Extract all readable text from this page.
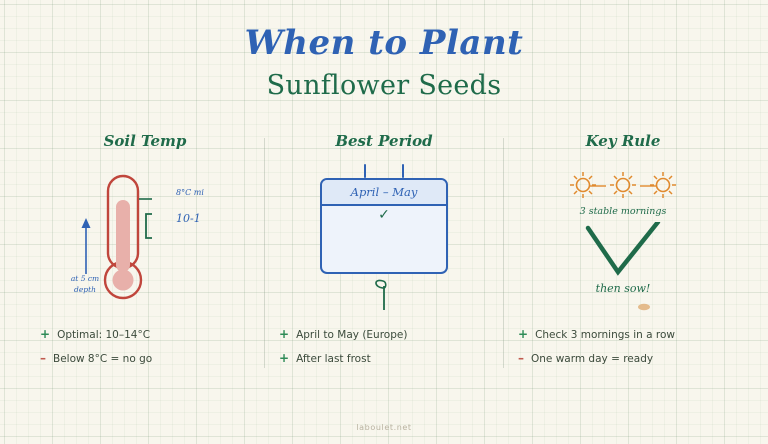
When to Plant
Sunflower Seeds
Soil Temp
8°C mi
10-1
at 5 cm
depth
+ Optimal: 10–14°C
– Below 8°C = no go
Best Period
April – May
✓
+ April to May (Europe)
+ After last frost
Key Rule
3 stable mornings
then sow!
+ Check 3 mornings in a row
– One warm day = ready
laboulet.net
